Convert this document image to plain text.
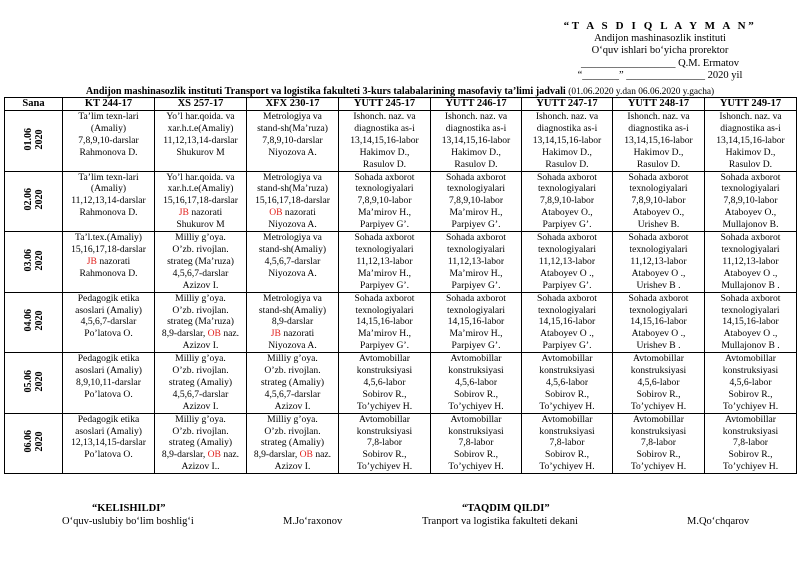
“T A S D I Q L A Y M A N”
Andijon mashinasozlik instituti
O‘quv ishlari bo‘yicha prorektor
__________________ Q.M. Ermatov
“_______” _______________ 2020 yil
Andijon mashinasozlik instituti Transport va logistika fakulteti 3-kurs talabalarining masofaviy ta’limi jadvali (01.06.2020 y.dan 06.06.2020 y.gacha)
Sana	KT 244-17	XS 257-17	XFX 230-17	YUTT 245-17	YUTT 246-17	YUTT 247-17	YUTT 248-17	YUTT 249-17
01.06
2020	Ta’lim texn-lari
(Amaliy)
7,8,9,10-darslar
Rahmonova D.	Yo’l har.qoida. va
xar.h.t.e(Amaliy)
11,12,13,14-darslar
Shukurov M	Metrologiya va
stand-sh(Ma’ruza)
7,8,9,10-darslar
Niyozova A.	Ishonch. naz. va
diagnostika as-i
13,14,15,16-labor
Hakimov D.,
Rasulov D.	Ishonch. naz. va
diagnostika as-i
13,14,15,16-labor
Hakimov D.,
Rasulov D.	Ishonch. naz. va
diagnostika as-i
13,14,15,16-labor
Hakimov D.,
Rasulov D.	Ishonch. naz. va
diagnostika as-i
13,14,15,16-labor
Hakimov D.,
Rasulov D.	Ishonch. naz. va
diagnostika as-i
13,14,15,16-labor
Hakimov D.,
Rasulov D.

02.06
2020	Ta’lim texn-lari
(Amaliy)
11,12,13,14-darslar
Rahmonova D.	Yo’l har.qoida. va
xar.h.t.e(Amaliy)
15,16,17,18-darslar
JB nazorati
Shukurov M	Metrologiya va
stand-sh(Ma’ruza)
15,16,17,18-darslar
OB nazorati
Niyozova A.	Sohada axborot
texnologiyalari
7,8,9,10-labor
Ma’mirov H.,
Parpiyev G’.	Sohada axborot
texnologiyalari
7,8,9,10-labor
Ma’mirov H.,
Parpiyev G’.	Sohada axborot
texnologiyalari
7,8,9,10-labor
Ataboyev O.,
Parpiyev G’.	Sohada axborot
texnologiyalari
7,8,9,10-labor
Ataboyev O.,
Urishev B.	Sohada axborot
texnologiyalari
7,8,9,10-labor
Ataboyev O.,
Mullajonov B.

03.06
2020	Ta’l.tex.(Amaliy)
15,16,17,18-darslar
JB nazorati
Rahmonova D.	Milliy g’oya.
O’zb. rivojlan.
strateg (Ma’ruza)
4,5,6,7-darslar
Azizov I.	Metrologiya va
stand-sh(Amaliy)
4,5,6,7-darslar
Niyozova A.	Sohada axborot
texnologiyalari
11,12,13-labor
Ma’mirov H.,
Parpiyev G’.	Sohada axborot
texnologiyalari
11,12,13-labor
Ma’mirov H.,
Parpiyev G’.	Sohada axborot
texnologiyalari
11,12,13-labor
Ataboyev O .,
Parpiyev G’.	Sohada axborot
texnologiyalari
11,12,13-labor
Ataboyev O .,
Urishev B .	Sohada axborot
texnologiyalari
11,12,13-labor
Ataboyev O .,
Mullajonov B .

04.06
2020	Pedagogik etika
asoslari (Amaliy)
4,5,6,7-darslar
Po’latova O.	Milliy g’oya.
O’zb. rivojlan.
strateg (Ma’ruza)
8,9-darslar, OB naz.
Azizov I.	Metrologiya va
stand-sh(Amaliy)
8,9-darslar
JB nazorati
Niyozova A.	Sohada axborot
texnologiyalari
14,15,16-labor
Ma’mirov H.,
Parpiyev G’.	Sohada axborot
texnologiyalari
14,15,16-labor
Ma’mirov H.,
Parpiyev G’.	Sohada axborot
texnologiyalari
14,15,16-labor
Ataboyev O .,
Parpiyev G’.	Sohada axborot
texnologiyalari
14,15,16-labor
Ataboyev O .,
Urishev B .	Sohada axborot
texnologiyalari
14,15,16-labor
Ataboyev O .,
Mullajonov B .

05.06
2020	Pedagogik etika
asoslari (Amaliy)
8,9,10,11-darslar
Po’latova O.	Milliy g’oya.
O’zb. rivojlan.
strateg (Amaliy)
4,5,6,7-darslar
Azizov I.	Milliy g’oya.
O’zb. rivojlan.
strateg (Amaliy)
4,5,6,7-darslar
Azizov I.	Avtomobillar
konstruksiyasi
4,5,6-labor
Sobirov R.,
To’ychiyev H.	Avtomobillar
konstruksiyasi
4,5,6-labor
Sobirov R.,
To’ychiyev H.	Avtomobillar
konstruksiyasi
4,5,6-labor
Sobirov R.,
To’ychiyev H.	Avtomobillar
konstruksiyasi
4,5,6-labor
Sobirov R.,
To’ychiyev H.	Avtomobillar
konstruksiyasi
4,5,6-labor
Sobirov R.,
To’ychiyev H.

06.06
2020	Pedagogik etika
asoslari (Amaliy)
12,13,14,15-darslar
Po’latova O.	Milliy g’oya.
O’zb. rivojlan.
strateg (Amaliy)
8,9-darslar, OB naz.
Azizov I..	Milliy g’oya.
O’zb. rivojlan.
strateg (Amaliy)
8,9-darslar, OB naz.
Azizov I.	Avtomobillar
konstruksiyasi
7,8-labor
Sobirov R.,
To’ychiyev H.	Avtomobillar
konstruksiyasi
7,8-labor
Sobirov R.,
To’ychiyev H.	Avtomobillar
konstruksiyasi
7,8-labor
Sobirov R.,
To’ychiyev H.	Avtomobillar
konstruksiyasi
7,8-labor
Sobirov R.,
To’ychiyev H.	Avtomobillar
konstruksiyasi
7,8-labor
Sobirov R.,
To’ychiyev H.
“KELISHILDI”
O‘quv-uslubiy bo‘lim boshlig‘i	M.Jo‘raxonov
“TAQDIM QILDI”
Tranport va logistika fakulteti dekani	M.Qo‘chqarov
